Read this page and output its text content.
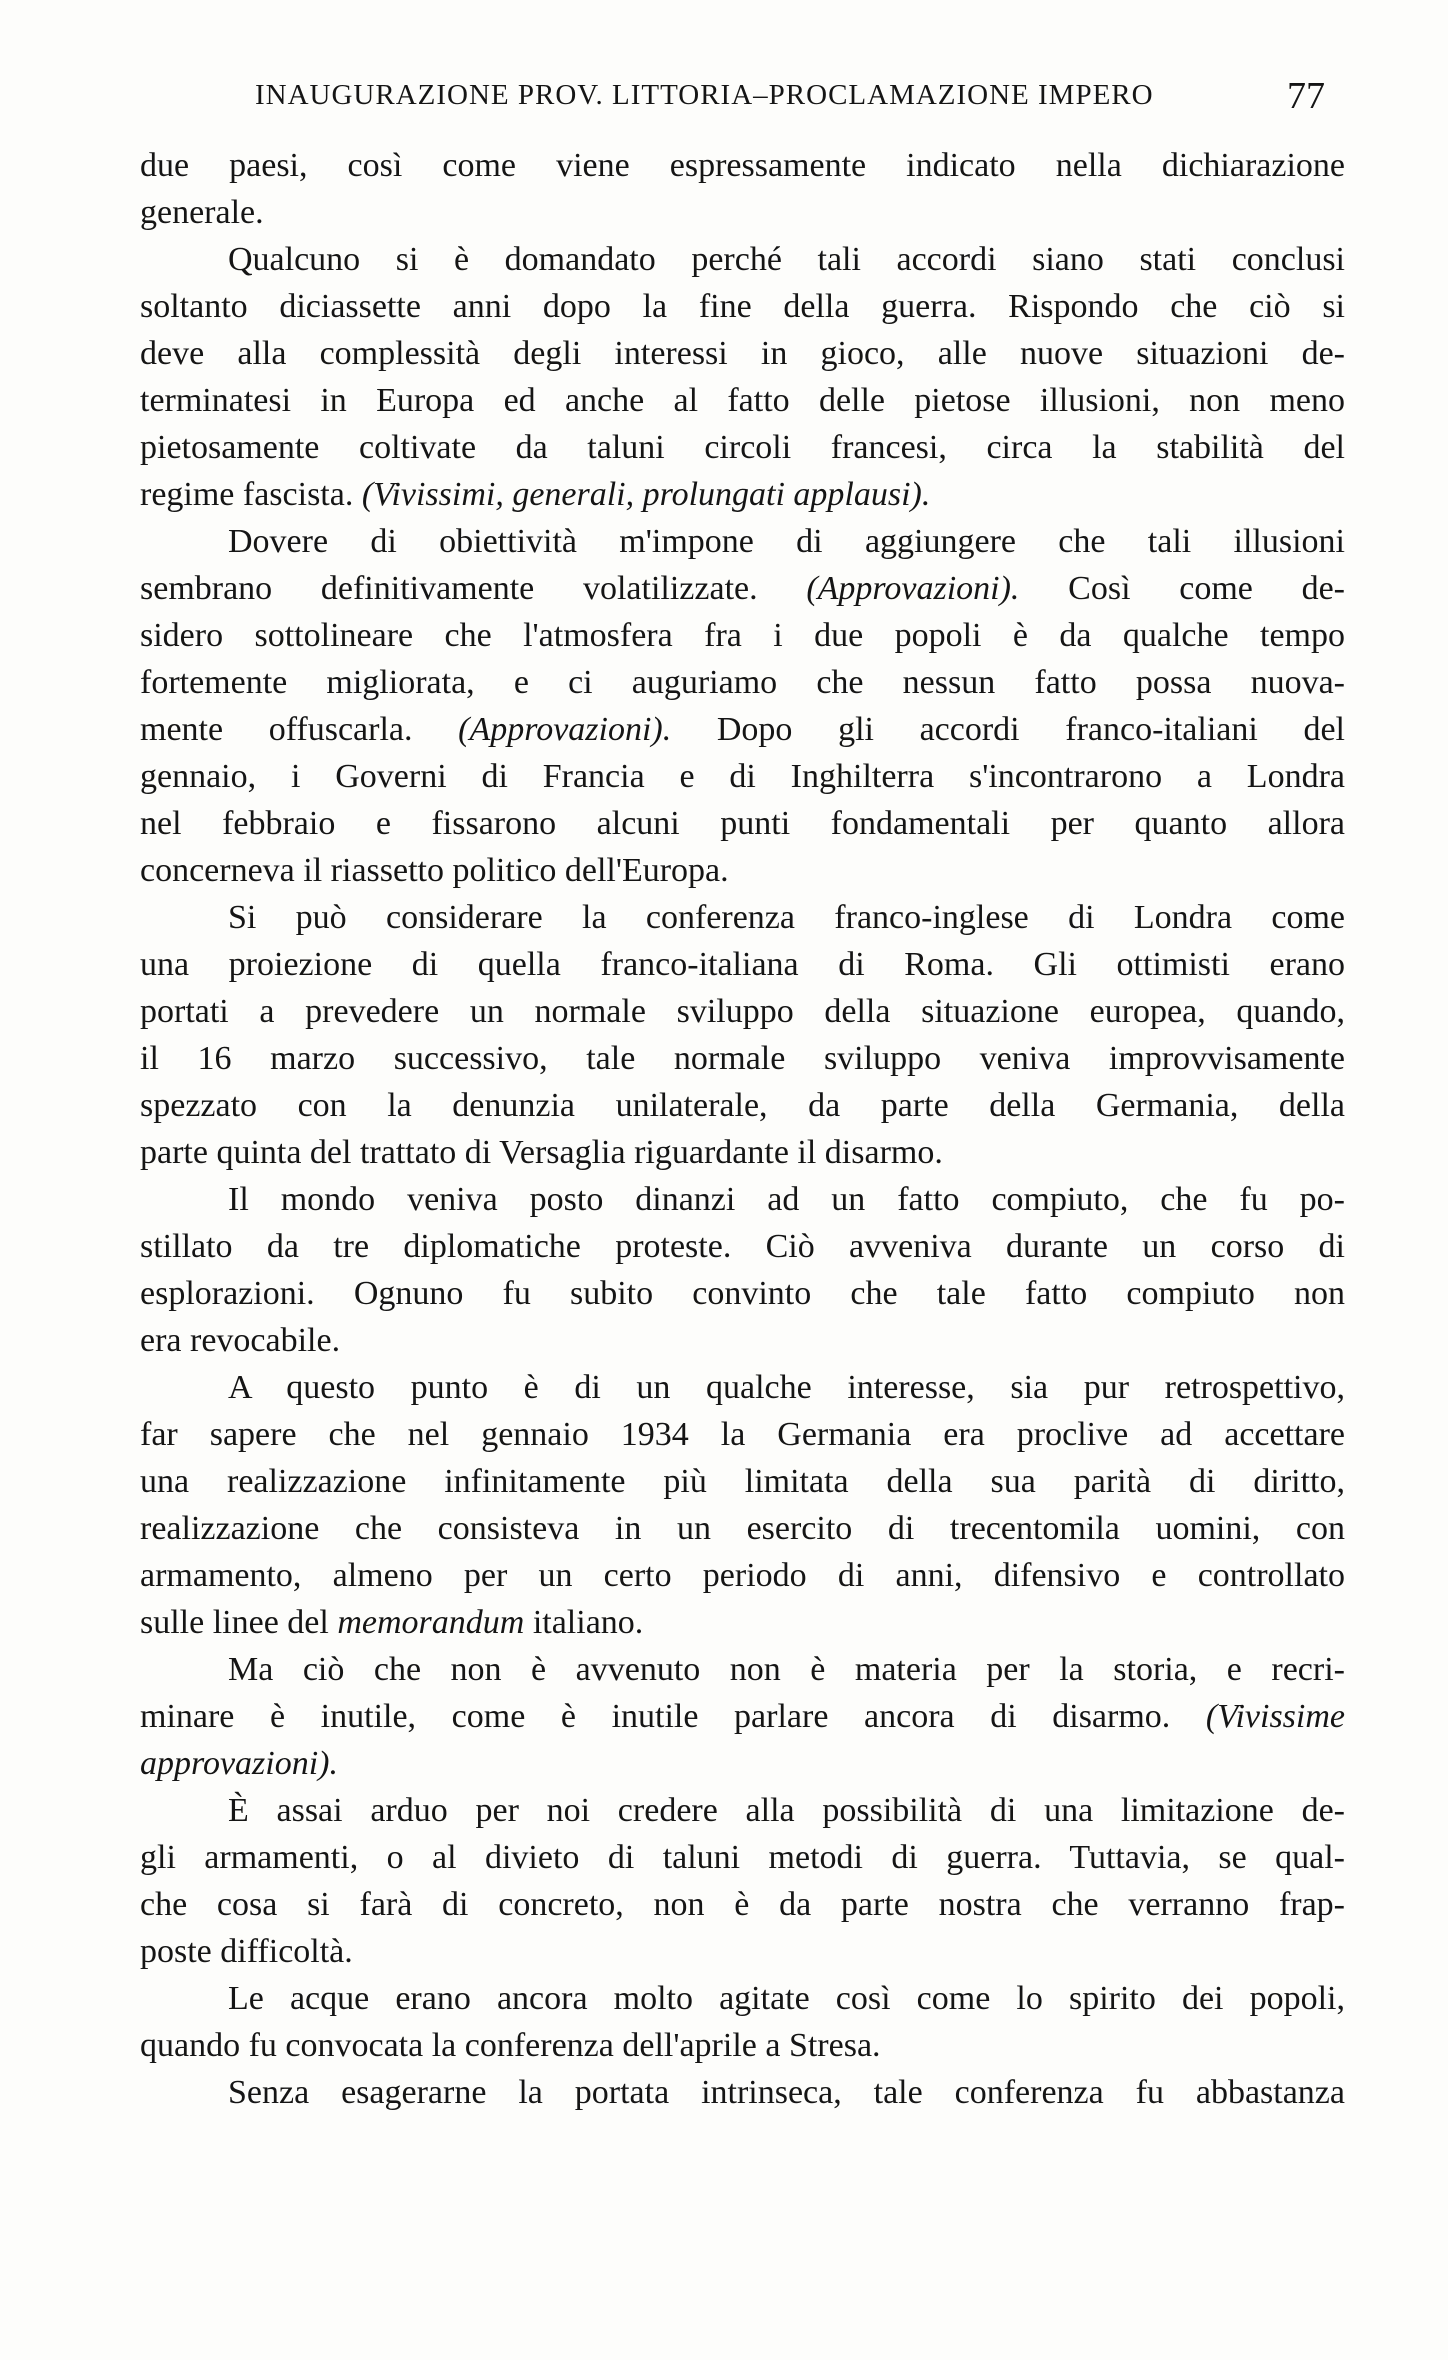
INAUGURAZIONE PROV. LITTORIA–PROCLAMAZIONE IMPERO	77
due paesi, così come viene espressamente indicato nella dichiarazione
generale.
Qualcuno si è domandato perché tali accordi siano stati conclusi
soltanto diciassette anni dopo la fine della guerra. Rispondo che ciò si
deve alla complessità degli interessi in gioco, alle nuove situazioni de-
terminatesi in Europa ed anche al fatto delle pietose illusioni, non meno
pietosamente coltivate da taluni circoli francesi, circa la stabilità del
regime fascista. (Vivissimi, generali, prolungati applausi).
Dovere di obiettività m'impone di aggiungere che tali illusioni
sembrano definitivamente volatilizzate. (Approvazioni). Così come de-
sidero sottolineare che l'atmosfera fra i due popoli è da qualche tempo
fortemente migliorata, e ci auguriamo che nessun fatto possa nuova-
mente offuscarla. (Approvazioni). Dopo gli accordi franco-italiani del
gennaio, i Governi di Francia e di Inghilterra s'incontrarono a Londra
nel febbraio e fissarono alcuni punti fondamentali per quanto allora
concerneva il riassetto politico dell'Europa.
Si può considerare la conferenza franco-inglese di Londra come
una proiezione di quella franco-italiana di Roma. Gli ottimisti erano
portati a prevedere un normale sviluppo della situazione europea, quando,
il 16 marzo successivo, tale normale sviluppo veniva improvvisamente
spezzato con la denunzia unilaterale, da parte della Germania, della
parte quinta del trattato di Versaglia riguardante il disarmo.
Il mondo veniva posto dinanzi ad un fatto compiuto, che fu po-
stillato da tre diplomatiche proteste. Ciò avveniva durante un corso di
esplorazioni. Ognuno fu subito convinto che tale fatto compiuto non
era revocabile.
A questo punto è di un qualche interesse, sia pur retrospettivo,
far sapere che nel gennaio 1934 la Germania era proclive ad accettare
una realizzazione infinitamente più limitata della sua parità di diritto,
realizzazione che consisteva in un esercito di trecentomila uomini, con
armamento, almeno per un certo periodo di anni, difensivo e controllato
sulle linee del memorandum italiano.
Ma ciò che non è avvenuto non è materia per la storia, e recri-
minare è inutile, come è inutile parlare ancora di disarmo. (Vivissime
approvazioni).
È assai arduo per noi credere alla possibilità di una limitazione de-
gli armamenti, o al divieto di taluni metodi di guerra. Tuttavia, se qual-
che cosa si farà di concreto, non è da parte nostra che verranno frap-
poste difficoltà.
Le acque erano ancora molto agitate così come lo spirito dei popoli,
quando fu convocata la conferenza dell'aprile a Stresa.
Senza esagerarne la portata intrinseca, tale conferenza fu abbastanza
